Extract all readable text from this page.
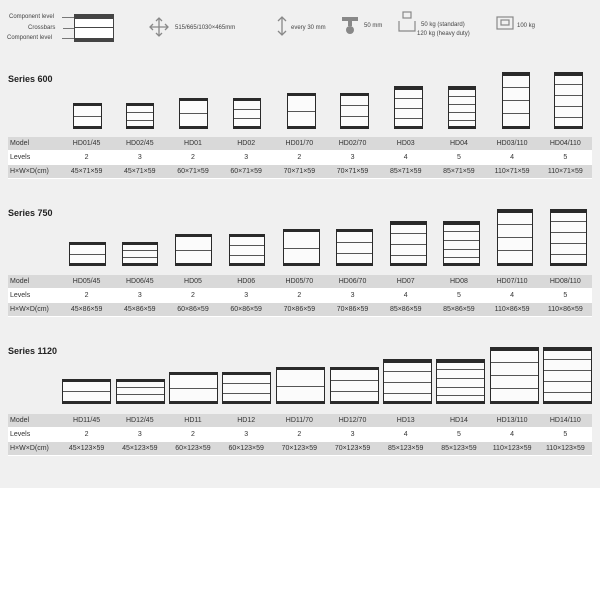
Component level
Crossbars
Component level
515/665/1030×465mm	every 30 mm	50 mm	50 kg (standard)
120 kg (heavy duty)
100 kg
Series 600
Model	HD01/45	HD02/45	HD01	HD02	HD01/70	HD02/70	HD03	HD04	HD03/110	HD04/110
Levels	2	3	2	3	2	3	4	5	4	5
H×W×D(cm)	45×71×59	45×71×59	60×71×59	60×71×59	70×71×59	70×71×59	85×71×59	85×71×59	110×71×59	110×71×59
Series 750
Model	HD05/45	HD06/45	HD05	HD06	HD05/70	HD06/70	HD07	HD08	HD07/110	HD08/110
Levels	2	3	2	3	2	3	4	5	4	5
H×W×D(cm)	45×86×59	45×86×59	60×86×59	60×86×59	70×86×59	70×86×59	85×86×59	85×86×59	110×86×59	110×86×59
Series 1120
Model	HD11/45	HD12/45	HD11	HD12	HD11/70	HD12/70	HD13	HD14	HD13/110	HD14/110
Levels	2	3	2	3	2	3	4	5	4	5
H×W×D(cm)	45×123×59	45×123×59	60×123×59	60×123×59	70×123×59	70×123×59	85×123×59	85×123×59	110×123×59	110×123×59
